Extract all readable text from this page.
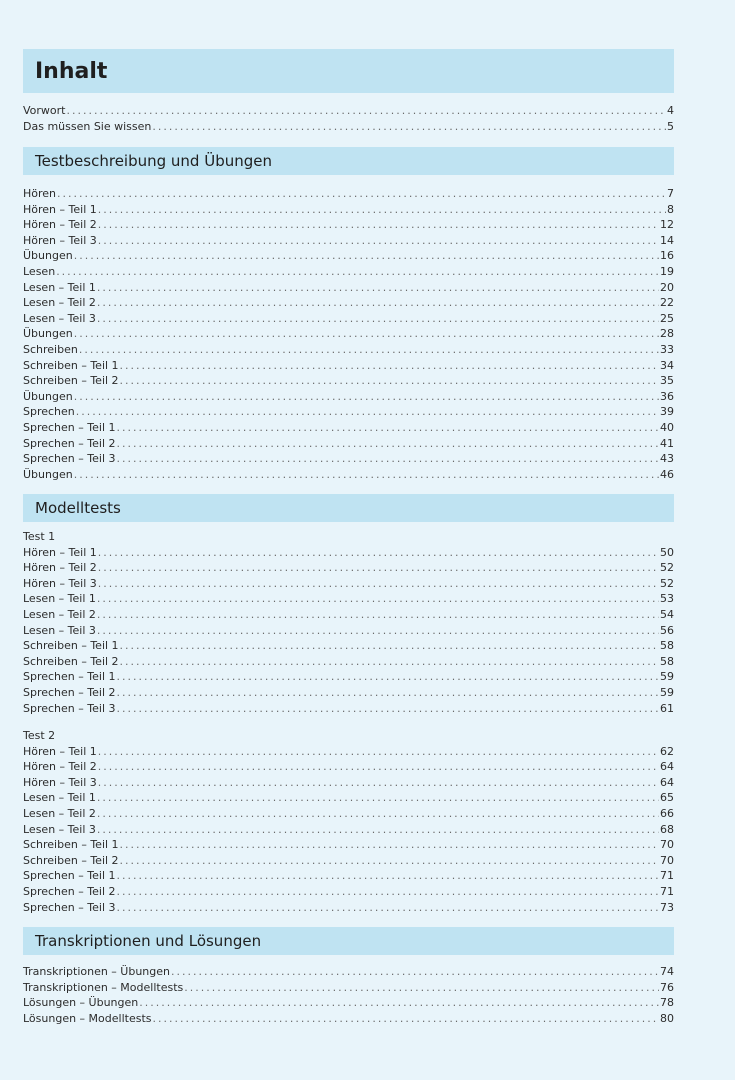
Inhalt
Vorwort .....	4
Das müssen Sie wissen .....	5
Testbeschreibung und Übungen
Hören .....	7
Hören – Teil 1 .....	8
Hören – Teil 2 .....	12
Hören – Teil 3 .....	14
Übungen .....	16
Lesen .....	19
Lesen – Teil 1 .....	20
Lesen – Teil 2 .....	22
Lesen – Teil 3 .....	25
Übungen .....	28
Schreiben .....	33
Schreiben – Teil 1 .....	34
Schreiben – Teil 2 .....	35
Übungen .....	36
Sprechen .....	39
Sprechen – Teil 1 .....	40
Sprechen – Teil 2 .....	41
Sprechen – Teil 3 .....	43
Übungen .....	46
Modelltests
Test 1
Hören – Teil 1 .....	50
Hören – Teil 2 .....	52
Hören – Teil 3 .....	52
Lesen – Teil 1 .....	53
Lesen – Teil 2 .....	54
Lesen – Teil 3 .....	56
Schreiben – Teil 1 .....	58
Schreiben – Teil 2 .....	58
Sprechen – Teil 1 .....	59
Sprechen – Teil 2 .....	59
Sprechen – Teil 3 .....	61
Test 2
Hören – Teil 1 .....	62
Hören – Teil 2 .....	64
Hören – Teil 3 .....	64
Lesen – Teil 1 .....	65
Lesen – Teil 2 .....	66
Lesen – Teil 3 .....	68
Schreiben – Teil 1 .....	70
Schreiben – Teil 2 .....	70
Sprechen – Teil 1 .....	71
Sprechen – Teil 2 .....	71
Sprechen – Teil 3 .....	73
Transkriptionen und Lösungen
Transkriptionen – Übungen .....	74
Transkriptionen – Modelltests .....	76
Lösungen – Übungen .....	78
Lösungen – Modelltests .....	80
